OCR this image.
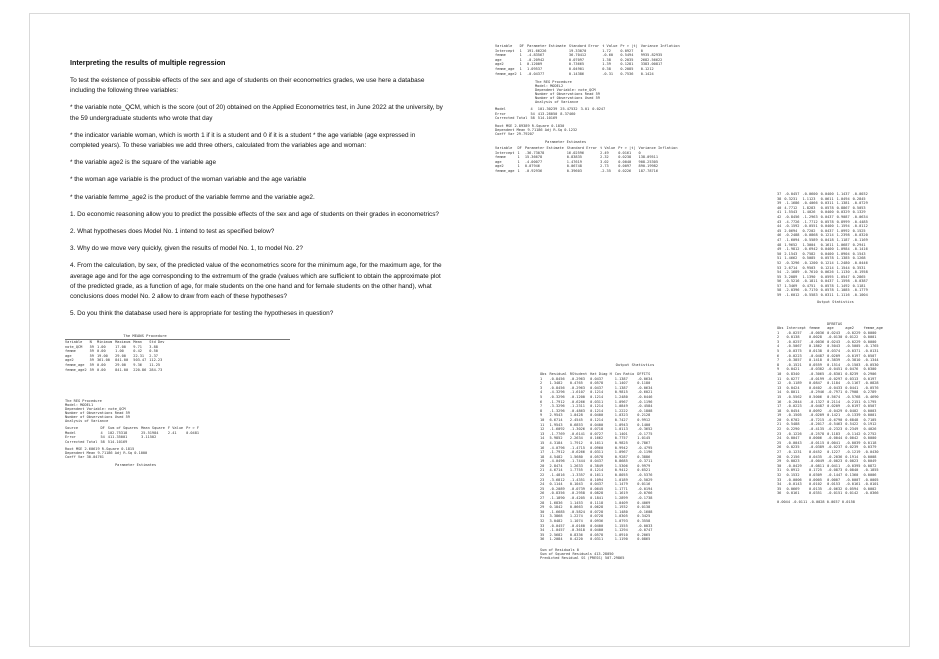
Interpreting the results of multiple regression
To test the existence of possible effects of the sex and age of students on their econometrics grades, we use here a database including the following three variables:
* the variable note_QCM, which is the score (out of 20) obtained on the Applied Econometrics test, in June 2022 at the university, by the 59 undergraduate students who wrote that day
* the indicator variable woman, which is worth 1 if it is a student and 0 if it is a student * the age variable (age expressed in completed years). To these variables we add three others, calculated from the variables age and woman:
* the variable age2 is the square of the variable age
* the woman age variable is the product of the woman variable and the age variable
* the variable femme_age2 is the product of the variable femme and the variable age2.
1. Do economic reasoning allow you to predict the possible effects of the sex and age of students on their grades in econometrics?
2. What hypotheses does Model No. 1 intend to test as specified below?
3. Why do we move very quickly, given the results of model No. 1, to model No. 2?
4. From the calculation, by sex, of the predicted value of the econometrics score for the minimum age, for the maximum age, for the average age and for the age corresponding to the extremum of the grade (values which are sufficient to obtain the approximate plot of the predicted grade, as a function of age, for male students on the one hand and for female students on the other hand), what conclusions does model No. 2 allow to draw from each of these hypotheses?
5. Do you think the database used here is appropriate for testing the hypotheses in question?
The MEANS Procedure
Variable	N	Minimum	Maximum	Mean	Std Dev
note_QCM	59	1.00	17.00	9.71	3.88
femme	59	0.00	1.00	0.42	0.50
age	59	19.00	29.00	22.31	2.37
age2	59	361.00	841.00	503.47	112.23
femme_age	59	0.00	29.00	9.36	11.25
femme_age2	59	0.00	841.00	220.86	284.73
The REG Procedure
Model: MODEL1
Dependent Variable: note_QCM
Number of Observations Read 59
Number of Observations Used 59
Analysis of Variance
Source	DF	Sum of Squares	Mean Square	F Value	Pr > F
Model	4	102.75318	25.51984	2.41	0.0481
Error	54	411.35001	3.11502		
Corrected Total	58	514.10169			
Root MSE 2.60619 R-Square 0.1815
Dependent Mean 9.71186 Adj R-Sq 0.1000
Coeff Var 30.04761
Parameter Estimates
Variable	DF	Parameter Estimate	Standard Error	t Value	Pr > |t|	Variance Inflation
Intercept	1	191.66226	19.33070	1.72	0.0927	0
femme	1	-4.83567	36.70412	-0.60	0.5494	9935.82935
age	1	-0.20942	0.07097	1.38	0.2035	2682.56622
age2	1	0.12009	0.73665	1.39	0.1281	3383.00817
femme_age	1	1.09537	0.04901	0.38	0.2085	0.1212
femme_age2	1	-0.04377	0.14386	-0.31	0.7536	0.1424
The REG Procedure
Model: MODEL2
Dependent Variable: note_QCM
Number of Observations Read 59
Number of Observations Used 59
Analysis of Variance
Model	4	101.30239	25.47532	3.01	0.0247
Error	54	413.28050	8.37460		
Corrected Total	58	514.10169			
Root MSE 2.89389 R-Square 0.1830
Dependent Mean 9.71186 Adj R-Sq 0.1232
Coeff Var 29.79207
Parameter Estimates
Variable	DF	Parameter Estimate	Standard Error	t Value	Pr > |t|	Variance Inflation
Intercept	1	-36.73078	16.02596	2.49	0.0161	0
femme	1	15.36678	0.83835	2.32	0.0238	138.09511
age	1	-4.00077	1.47619	3.02	0.0040	908.25305
age2	1	0.07946	0.06748	2.73	0.0097	890.19982
femme_age	1	-0.92936	0.39603	-2.35	0.0226	187.78716
Output Statistics
Obs	Residual	RStudent	Hat Diag H	Cov Ratio	DFFITS
1	-0.8456	-0.2963	0.0437	1.1387	-0.0634
2	1.3482	0.4765	0.0578	1.1407	0.1180
3	-0.8456	-0.2963	0.0437	1.1387	-0.0634
4	-4.3296	-1.6107	0.1214	0.9815	-0.6021
5	-0.3296	-0.1200	0.1214	1.2480	-0.0446
6	-1.7912	-0.6266	0.0311	1.0967	-0.1196
7	-3.3296	-1.2311	0.1214	1.0849	-0.4584
8	-1.3296	-0.4863	0.1214	1.2222	-0.1808
9	2.9543	1.0428	0.0400	1.0323	0.2128
10	6.6714	2.4545	0.1214	0.7427	0.9912
11	1.9543	0.6853	0.0400	1.0943	0.1400
12	-1.6092	-1.3026	0.0718	1.0113	-0.3652
13	-1.7769	-0.6141	0.0727	1.1401	-0.1775
14	5.9852	2.2634	0.1662	0.7757	1.0145
15	4.3184	1.7912	0.1611	0.9825	0.7867
16	-4.0796	-1.4715	0.0960	0.9942	-0.4795
17	-1.7912	-0.6266	0.0311	1.0967	-0.1196
18	4.5482	1.5680	0.0578	0.9287	0.3886
19	-4.0496	-1.7444	0.0437	0.8685	-0.3711
20	2.8474	1.2633	0.3849	1.5306	0.9979
21	4.6714	1.7755	0.1214	0.9412	0.6521
22	-1.4816	-1.3357	0.1611	0.8055	-0.5376
23	-3.6812	-1.4351	0.1094	1.0189	-0.5029
24	0.1144	0.1043	0.0437	1.1479	0.0116
25	-0.2089	-0.0739	0.0645	1.1771	-0.0194
26	-0.8356	-0.2958	0.0828	1.1619	-0.0766
27	-1.1890	-0.4205	0.1841	1.2899	-0.1738
28	1.6836	1.1453	0.1118	1.0409	0.4069
29	0.1842	0.0663	0.0628	1.1932	0.0138
30	-1.6685	-0.5824	0.0728	1.1480	-0.1608
31	3.3868	1.2274	0.0728	1.0305	0.3425
32	3.0482	1.1074	0.0936	1.0793	0.3558
33	-0.0457	-0.0160	0.0400	1.1555	-0.0033
34	-1.0457	-0.3618	0.0400	1.1294	-0.0747
35	2.5682	0.8336	0.0578	1.0910	0.2065
36	1.2084	0.4220	0.0311	1.1190	0.0865
Sum of Residuals 0
Sum of Squared Residuals 413.28050
Predicted Residual SS (PRESS) 507.29865
37	-0.0457	-0.0600	0.0400	1.1437	-0.0032
38	0.3231	1.1123	0.0611	1.0494	0.2845
39	-1.1686	-0.4066	0.0311	1.1381	-0.0729
40	4.7712	1.8283	0.0578	0.8867	0.5053
41	1.5543	1.4026	0.0400	0.0329	0.1329
42	-0.8456	-1.2963	0.0437	0.9087	-0.0634
43	-4.7726	-1.7712	0.0578	0.8999	-0.4485
44	-0.1592	-0.0551	0.0400	1.1594	-0.0112
45	2.0694	0.7202	0.0437	1.0992	0.1525
46	-0.2488	-0.0868	0.1214	1.2398	-0.0320
47	-1.6094	-0.5589	0.0418	1.1187	-0.1169
48	1.9652	1.3004	0.1611	1.0687	0.2941
49	-1.9812	-0.6942	0.0400	1.0984	-0.1416
50	2.1543	0.7582	0.0400	1.0904	0.1543
51	1.4662	0.5085	0.0578	1.1385	0.1268
52	-0.3296	-0.1200	0.1214	1.2480	-0.0446
53	2.6714	0.9503	0.1214	1.1544	0.3531
54	-2.1689	-0.7610	0.0626	1.1130	-0.1958
55	3.2089	1.1390	0.0595	1.0547	0.2865
56	-0.5216	-0.1811	0.0437	1.1598	-0.0387
57	1.3469	0.4751	0.0578	1.1492	0.1181
58	-2.0396	-0.7170	0.0578	1.1085	-0.1779
59	-1.6012	-0.5583	0.0311	1.1116	-0.1004
Output Statistics
DFBETAS
Obs	Intercept	femme	age	age2	femme_age
1	-0.0257	-0.0036	0.0243	-0.0229	0.0000
2	0.0138	0.0028	-0.0130	0.0122	0.0001
3	-0.0257	-0.0036	0.0243	-0.0229	0.0000
4	-0.5067	0.1862	0.5043	-0.5005	-0.1765
5	-0.0375	0.0138	0.0374	-0.0371	-0.0131
6	-0.0223	-0.0487	0.0209	-0.0197	0.0507
7	-0.3857	0.1418	0.3839	-0.3810	-0.1344
8	-0.1521	0.0559	0.1514	-0.1503	-0.0530
9	0.0421	-0.0302	-0.0451	0.0476	0.0300
10	0.8340	-0.3065	-0.8301	0.8239	0.2906
11	0.0277	-0.0199	-0.0297	0.0313	0.0197
12	-0.1189	0.0847	0.1184	-0.1167	-0.0828
13	0.0424	0.0402	-0.0433	0.0441	-0.0576
14	0.8011	-0.2946	-0.7971	0.7908	0.2789
15	-0.5562	0.5006	0.5674	-0.5768	-0.4690
16	-0.2044	-0.1327	0.2114	-0.2151	0.1795
17	-0.0223	-0.0487	0.0209	-0.0197	0.0507
18	0.0454	0.0092	-0.0429	0.0402	0.0003
19	-0.1505	-0.0209	0.1421	-0.1339	0.0001
20	0.6702	-0.7215	-0.6790	0.6848	0.7105
21	0.5488	-0.2017	-0.5463	0.5422	0.1912
22	0.2290	-0.4135	-0.2323	0.2349	0.4026
23	-0.1226	-0.2578	0.1183	-0.1142	0.2752
24	0.0047	0.0006	-0.0044	0.0042	0.0000
25	-0.0043	-0.0115	0.0041	-0.0039	0.0118
26	0.0235	-0.0389	-0.0237	0.0239	0.0379
27	-0.1231	0.0452	0.1227	-0.1219	-0.0430
28	0.2156	0.0435	-0.2036	0.1914	0.0008
29	0.0023	-0.0049	-0.0023	0.0023	0.0049
30	-0.0429	-0.0811	0.0411	-0.0395	0.0872
31	0.0912	0.1725	-0.0873	0.0840	-0.1855
32	0.1532	0.0309	-0.1447	0.1360	0.0006
33	-0.0006	0.0005	0.0007	-0.0007	-0.0005
34	-0.0143	0.0102	0.0153	-0.0161	-0.0101
35	0.0669	0.0135	-0.0632	0.0594	0.0002
36	0.0161	0.0351	-0.0151	0.0142	-0.0366
0.0044 -0.0111 -0.0028 0.0037 0.0158
